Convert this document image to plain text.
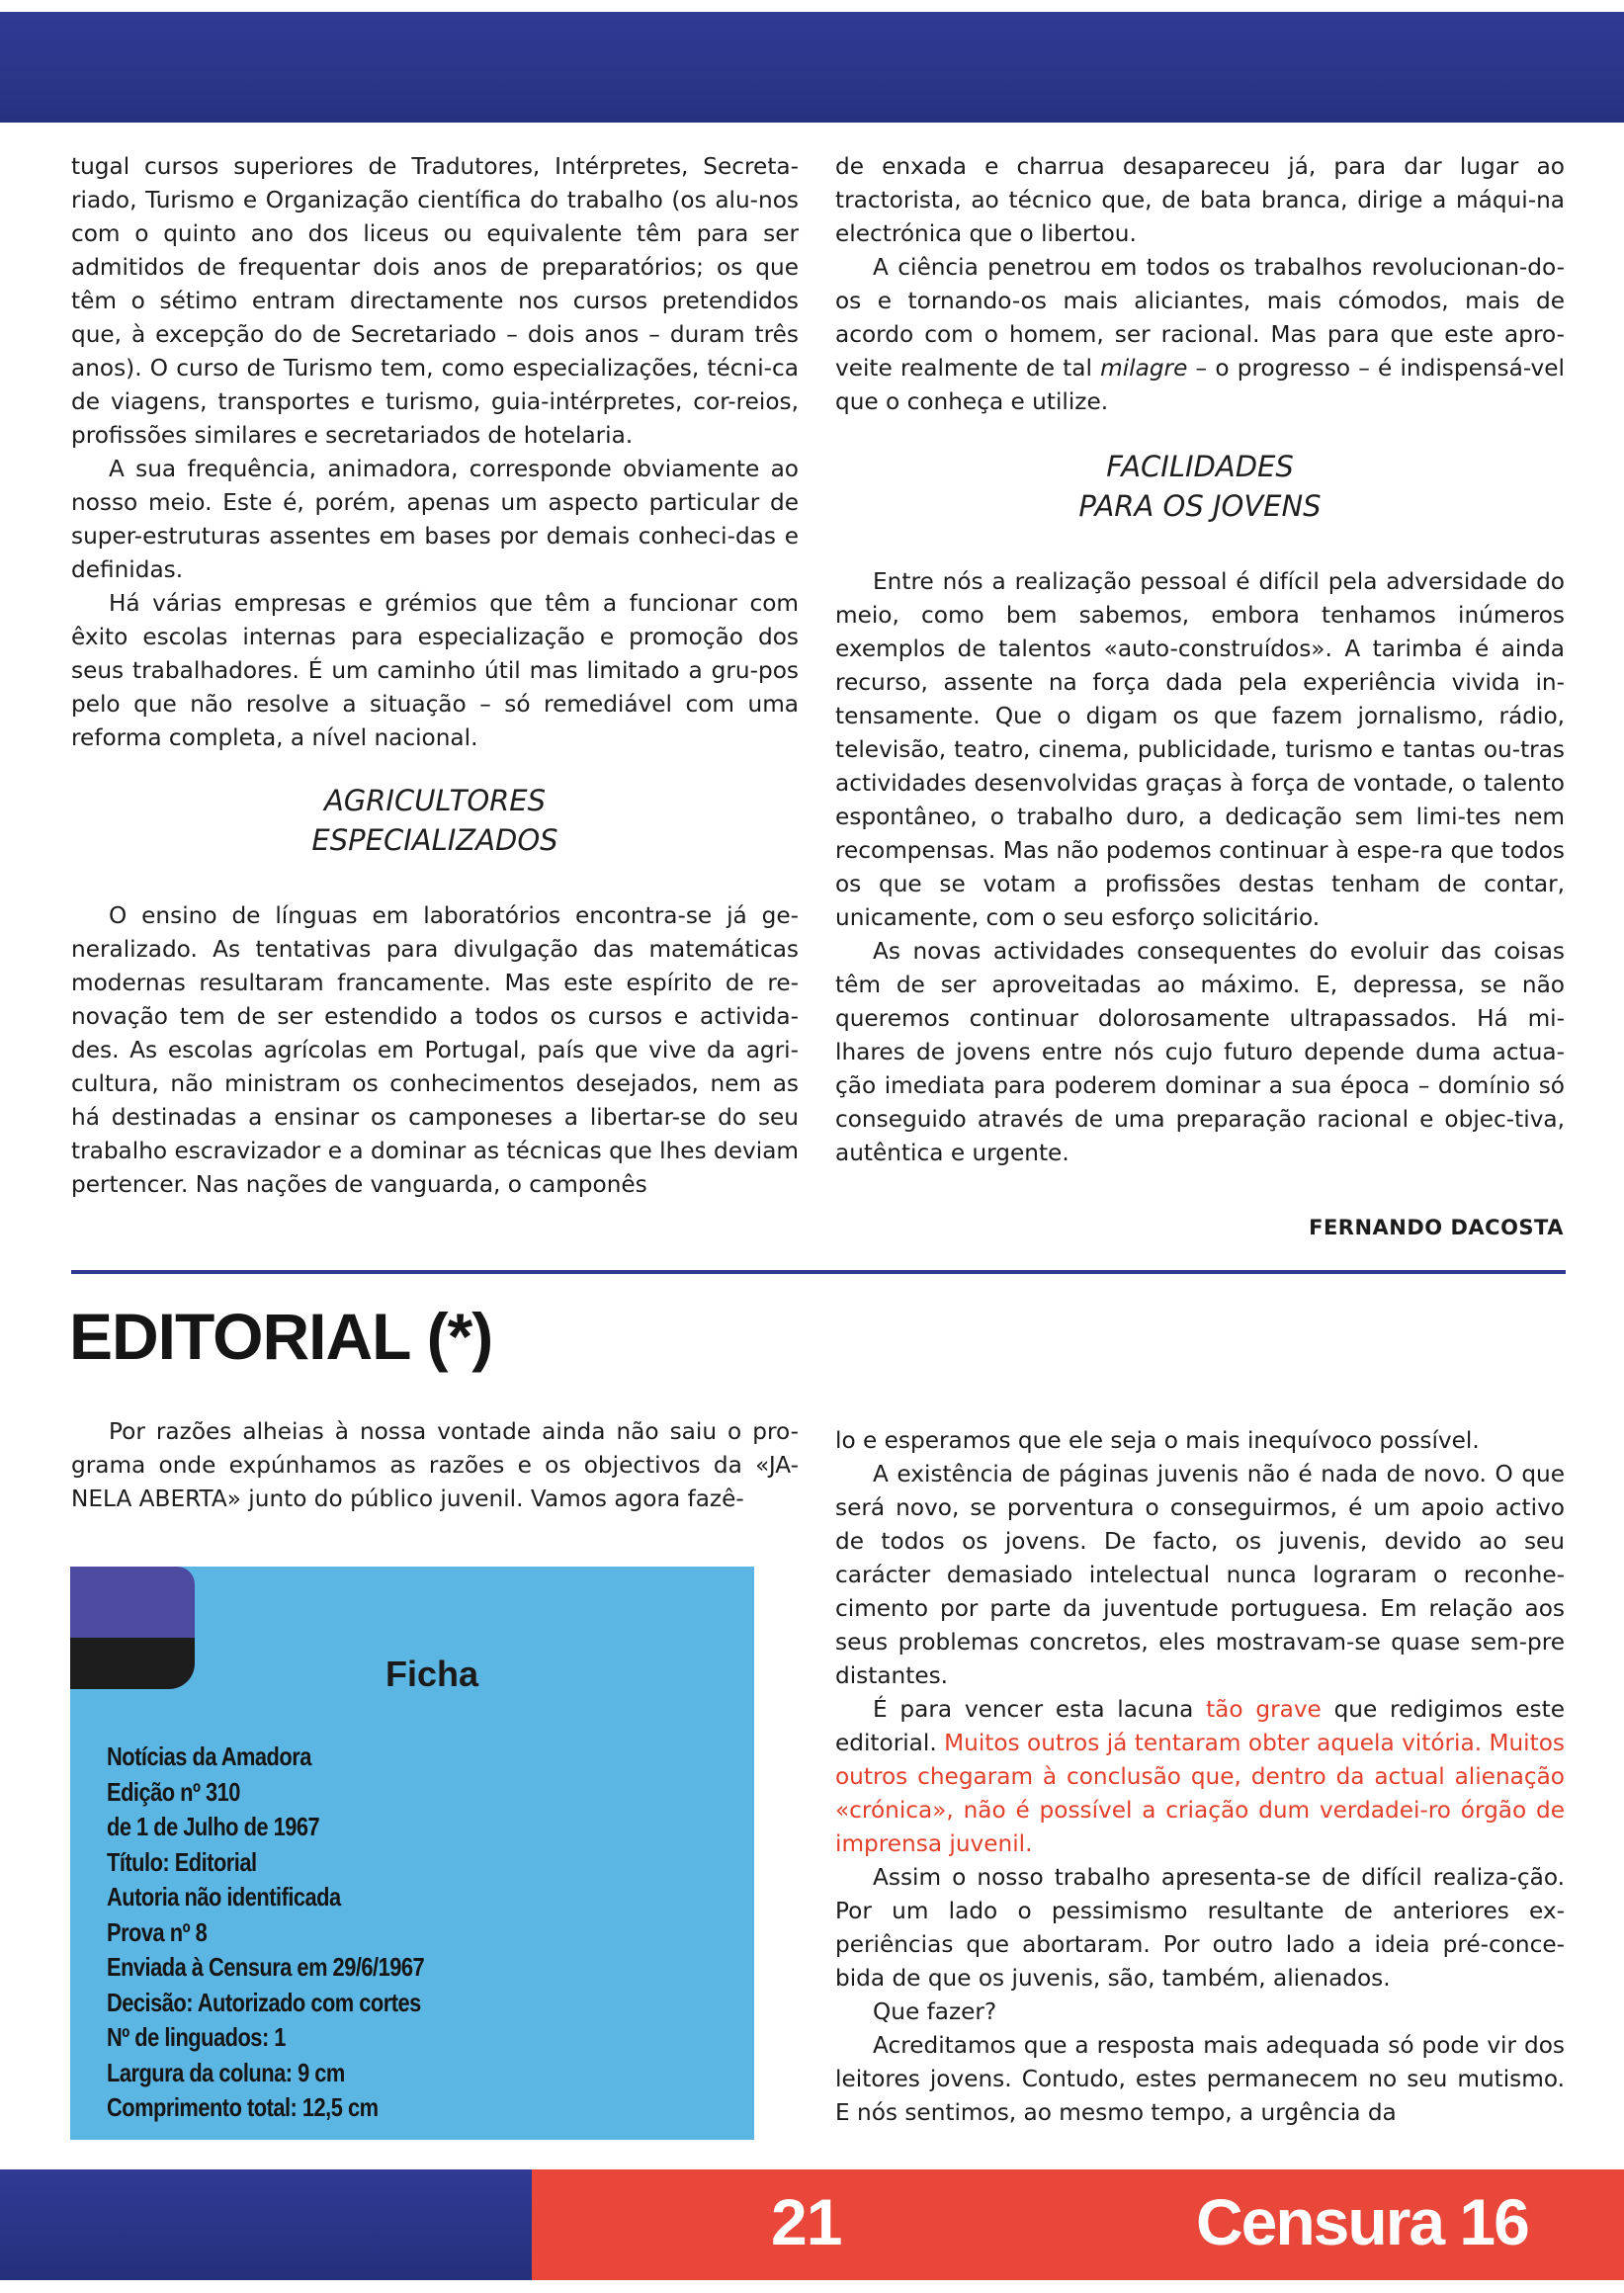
tugal cursos superiores de Tradutores, Intérpretes, Secreta-riado, Turismo e Organização científica do trabalho (os alu-nos com o quinto ano dos liceus ou equivalente têm para ser admitidos de frequentar dois anos de preparatórios; os que têm o sétimo entram directamente nos cursos pretendidos que, à excepção do de Secretariado – dois anos – duram três anos). O curso de Turismo tem, como especializações, técni-ca de viagens, transportes e turismo, guia-intérpretes, cor-reios, profissões similares e secretariados de hotelaria.

A sua frequência, animadora, corresponde obviamente ao nosso meio. Este é, porém, apenas um aspecto particular de super-estruturas assentes em bases por demais conheci-das e definidas.

Há várias empresas e grémios que têm a funcionar com êxito escolas internas para especialização e promoção dos seus trabalhadores. É um caminho útil mas limitado a gru-pos pelo que não resolve a situação – só remediável com uma reforma completa, a nível nacional.

AGRICULTORES

ESPECIALIZADOS

O ensino de línguas em laboratórios encontra-se já ge-neralizado. As tentativas para divulgação das matemáticas modernas resultaram francamente. Mas este espírito de re-novação tem de ser estendido a todos os cursos e activida-des. As escolas agrícolas em Portugal, país que vive da agri-cultura, não ministram os conhecimentos desejados, nem as há destinadas a ensinar os camponeses a libertar-se do seu trabalho escravizador e a dominar as técnicas que lhes deviam pertencer. Nas nações de vanguarda, o camponês

de enxada e charrua desapareceu já, para dar lugar ao tractorista, ao técnico que, de bata branca, dirige a máqui-na electrónica que o libertou.

A ciência penetrou em todos os trabalhos revolucionan-do-os e tornando-os mais aliciantes, mais cómodos, mais de acordo com o homem, ser racional. Mas para que este apro-veite realmente de tal milagre – o progresso – é indispensá-vel que o conheça e utilize.

FACILIDADES

PARA OS JOVENS

Entre nós a realização pessoal é difícil pela adversidade do meio, como bem sabemos, embora tenhamos inúmeros exemplos de talentos «auto-construídos». A tarimba é ainda recurso, assente na força dada pela experiência vivida in-tensamente. Que o digam os que fazem jornalismo, rádio, televisão, teatro, cinema, publicidade, turismo e tantas ou-tras actividades desenvolvidas graças à força de vontade, o talento espontâneo, o trabalho duro, a dedicação sem limi-tes nem recompensas. Mas não podemos continuar à espe-ra que todos os que se votam a profissões destas tenham de contar, unicamente, com o seu esforço solicitário.

As novas actividades consequentes do evoluir das coisas têm de ser aproveitadas ao máximo. E, depressa, se não queremos continuar dolorosamente ultrapassados. Há mi-lhares de jovens entre nós cujo futuro depende duma actua-ção imediata para poderem dominar a sua época – domínio só conseguido através de uma preparação racional e objec-tiva, autêntica e urgente.

FERNANDO DACOSTA
EDITORIAL (*)

Por razões alheias à nossa vontade ainda não saiu o pro-grama onde expúnhamos as razões e os objectivos da «JA-NELA ABERTA» junto do público juvenil. Vamos agora fazê-

Ficha
Notícias da Amadora
Edição nº 310
de 1 de Julho de 1967
Título: Editorial
Autoria não identificada
Prova nº 8
Enviada à Censura em 29/6/1967
Decisão: Autorizado com cortes
Nº de linguados: 1
Largura da coluna: 9 cm
Comprimento total: 12,5 cm

lo e esperamos que ele seja o mais inequívoco possível.

A existência de páginas juvenis não é nada de novo. O que será novo, se porventura o conseguirmos, é um apoio activo de todos os jovens. De facto, os juvenis, devido ao seu carácter demasiado intelectual nunca lograram o reconhe-cimento por parte da juventude portuguesa. Em relação aos seus problemas concretos, eles mostravam-se quase sem-pre distantes.

É para vencer esta lacuna tão grave que redigimos este editorial. Muitos outros já tentaram obter aquela vitória. Muitos outros chegaram à conclusão que, dentro da actual alienação «crónica», não é possível a criação dum verdadei-ro órgão de imprensa juvenil.

Assim o nosso trabalho apresenta-se de difícil realiza-ção. Por um lado o pessimismo resultante de anteriores ex-periências que abortaram. Por outro lado a ideia pré-conce-bida de que os juvenis, são, também, alienados.

Que fazer?

Acreditamos que a resposta mais adequada só pode vir dos leitores jovens. Contudo, estes permanecem no seu mutismo. E nós sentimos, ao mesmo tempo, a urgência da

21	Censura 16
